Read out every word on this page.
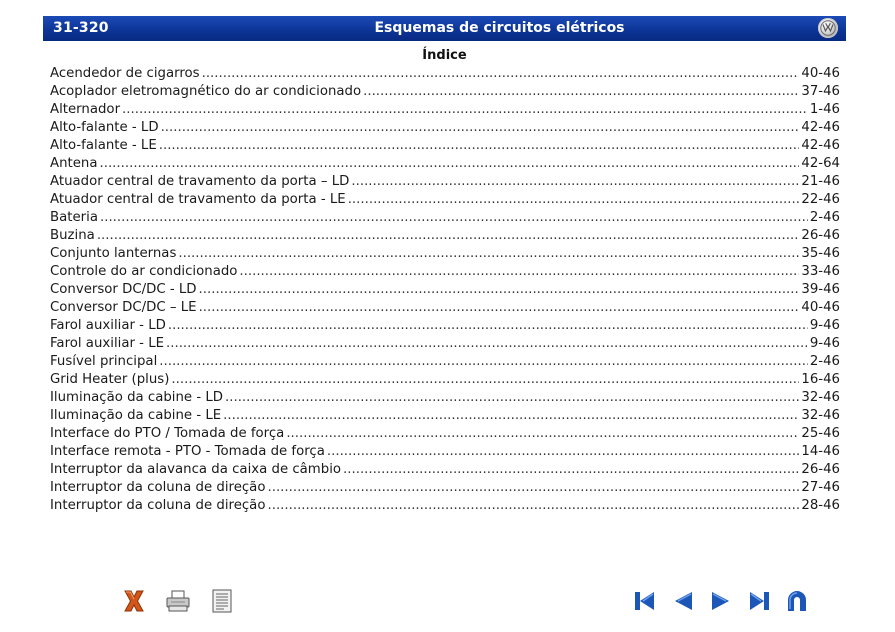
31-320	Esquemas de circuitos elétricos
Índice
Acendedor de cigarros .....	40-46
Acoplador eletromagnético do ar condicionado .....	37-46
Alternador .....	1-46
Alto-falante - LD .....	42-46
Alto-falante - LE .....	42-46
Antena .....	42-64
Atuador central de travamento da porta – LD .....	21-46
Atuador central de travamento da porta - LE .....	22-46
Bateria .....	2-46
Buzina .....	26-46
Conjunto lanternas .....	35-46
Controle do ar condicionado .....	33-46
Conversor DC/DC - LD .....	39-46
Conversor DC/DC – LE .....	40-46
Farol auxiliar - LD .....	9-46
Farol auxiliar - LE .....	9-46
Fusível principal .....	2-46
Grid Heater (plus) .....	16-46
Iluminação da cabine - LD .....	32-46
Iluminação da cabine - LE .....	32-46
Interface do PTO / Tomada de força .....	25-46
Interface remota - PTO - Tomada de força .....	14-46
Interruptor da alavanca da caixa de câmbio .....	26-46
Interruptor da coluna de direção .....	27-46
Interruptor da coluna de direção .....	28-46
